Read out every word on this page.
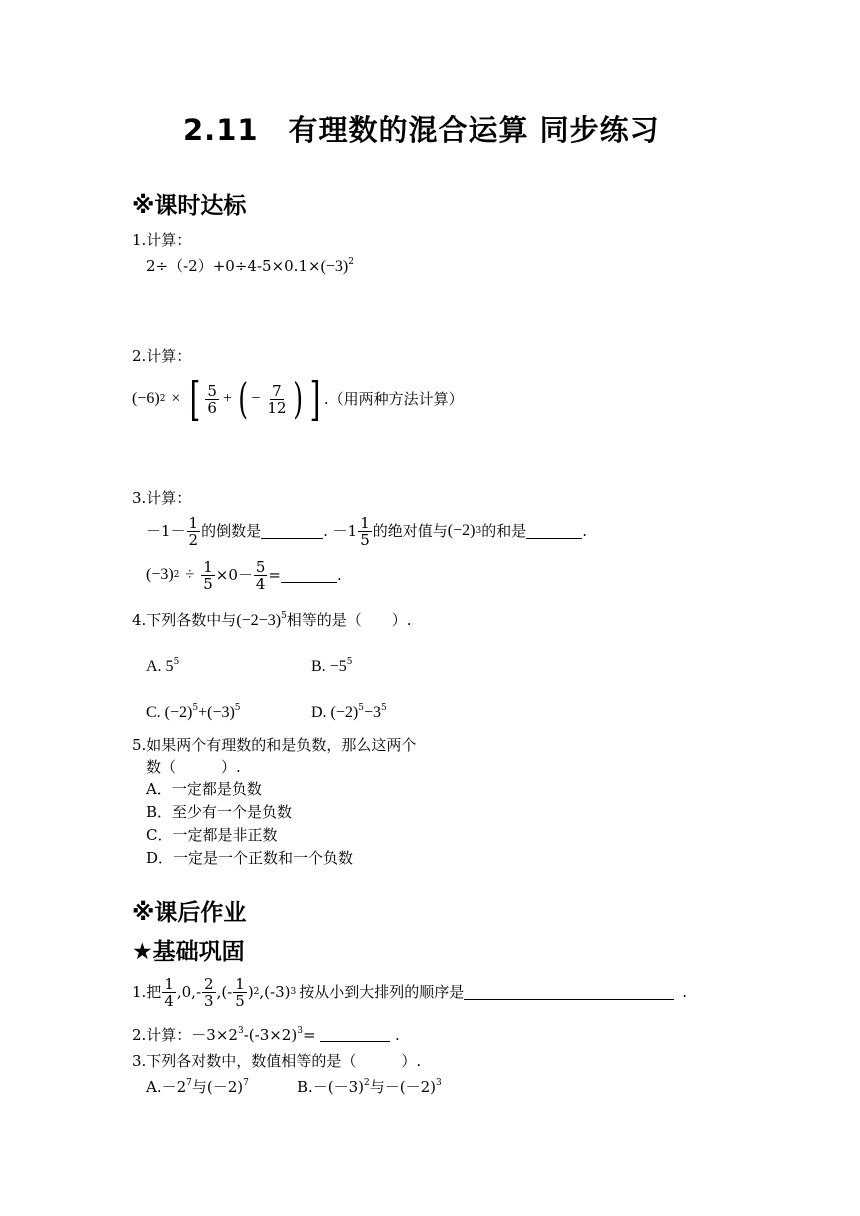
2.11　有理数的混合运算 同步练习
※课时达标
1.计算：
$2\div(-2)+0\div 4-5\times 0.1\times(-3)^2$
2.计算：
(−6) 2 × [ $\frac{5}{6}$ + ( − $\frac{7}{12}$ ) ] .（用两种方法计算）
3.计算：
$-1- \frac{1}{2}$ 的倒数是	. $-1 \frac{1}{5}$ 的绝对值与 (−2) 3 的和是	.
(−3) $2 \div \frac{1}{5} \times 0- \frac{5}{4}$ =	.
4.下列各数中与$(-2-3)^5$相等的是（　　）.
A. $5^5$	B. $-5^5$
C. $(-2)^5+(-3)^5$	D. $(-2)^5-3^5$
5.如果两个有理数的和是负数，那么这两个
数（　　　）.
A．一定都是负数
B．至少有一个是负数
C．一定都是非正数
D．一定是一个正数和一个负数
※课后作业
★基础巩固
1.把 $\frac{1}{4} ,0,- \frac{2}{3}$ ,(- $\frac{1}{5}$ ) 2 ,(-3) 3 按从小到大排列的顺序是	.
2.计算：$-3\times 2^3-(-3\times 2)^3=$	.
3.下列各对数中，数值相等的是（　　　）.
$A.-2^7$与$(-2)^7$	$B.-(-3)^2$与$-(-2)^3$
